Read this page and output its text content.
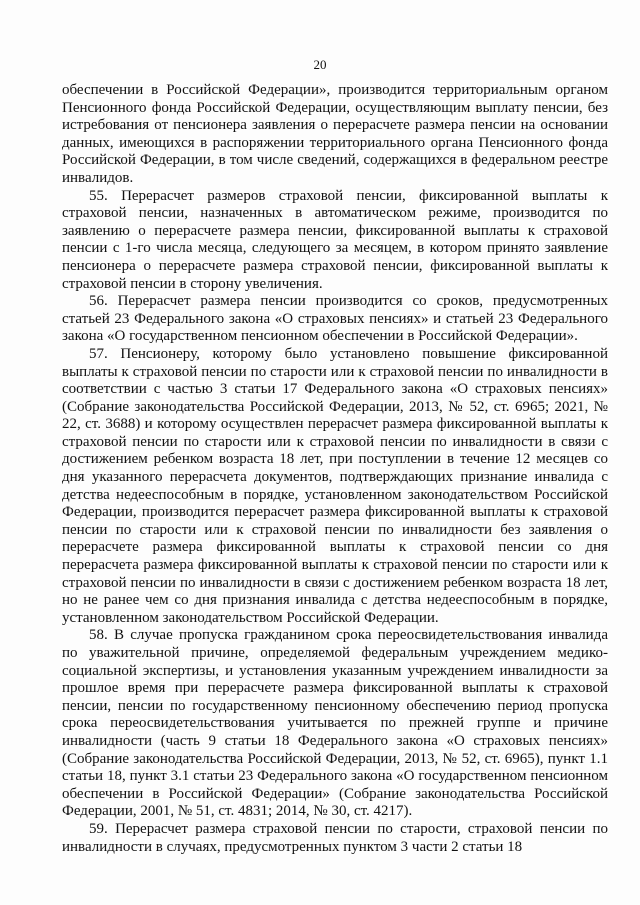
20

обеспечении в Российской Федерации», производится территориальным органом Пенсионного фонда Российской Федерации, осуществляющим выплату пенсии, без истребования от пенсионера заявления о перерасчете размера пенсии на основании данных, имеющихся в распоряжении территориального органа Пенсионного фонда Российской Федерации, в том числе сведений, содержащихся в федеральном реестре инвалидов.

55. Перерасчет размеров страховой пенсии, фиксированной выплаты к страховой пенсии, назначенных в автоматическом режиме, производится по заявлению о перерасчете размера пенсии, фиксированной выплаты к страховой пенсии с 1-го числа месяца, следующего за месяцем, в котором принято заявление пенсионера о перерасчете размера страховой пенсии, фиксированной выплаты к страховой пенсии в сторону увеличения.

56. Перерасчет размера пенсии производится со сроков, предусмотренных статьей 23 Федерального закона «О страховых пенсиях» и статьей 23 Федерального закона «О государственном пенсионном обеспечении в Российской Федерации».

57. Пенсионеру, которому было установлено повышение фиксированной выплаты к страховой пенсии по старости или к страховой пенсии по инвалидности в соответствии с частью 3 статьи 17 Федерального закона «О страховых пенсиях» (Собрание законодательства Российской Федерации, 2013, № 52, ст. 6965; 2021, № 22, ст. 3688) и которому осуществлен перерасчет размера фиксированной выплаты к страховой пенсии по старости или к страховой пенсии по инвалидности в связи с достижением ребенком возраста 18 лет, при поступлении в течение 12 месяцев со дня указанного перерасчета документов, подтверждающих признание инвалида с детства недееспособным в порядке, установленном законодательством Российской Федерации, производится перерасчет размера фиксированной выплаты к страховой пенсии по старости или к страховой пенсии по инвалидности без заявления о перерасчете размера фиксированной выплаты к страховой пенсии со дня перерасчета размера фиксированной выплаты к страховой пенсии по старости или к страховой пенсии по инвалидности в связи с достижением ребенком возраста 18 лет, но не ранее чем со дня признания инвалида с детства недееспособным в порядке, установленном законодательством Российской Федерации.

58. В случае пропуска гражданином срока переосвидетельствования инвалида по уважительной причине, определяемой федеральным учреждением медико-социальной экспертизы, и установления указанным учреждением инвалидности за прошлое время при перерасчете размера фиксированной выплаты к страховой пенсии, пенсии по государственному пенсионному обеспечению период пропуска срока переосвидетельствования учитывается по прежней группе и причине инвалидности (часть 9 статьи 18 Федерального закона «О страховых пенсиях» (Собрание законодательства Российской Федерации, 2013, № 52, ст. 6965), пункт 1.1 статьи 18, пункт 3.1 статьи 23 Федерального закона «О государственном пенсионном обеспечении в Российской Федерации» (Собрание законодательства Российской Федерации, 2001, № 51, ст. 4831; 2014, № 30, ст. 4217).

59. Перерасчет размера страховой пенсии по старости, страховой пенсии по инвалидности в случаях, предусмотренных пунктом 3 части 2 статьи 18
